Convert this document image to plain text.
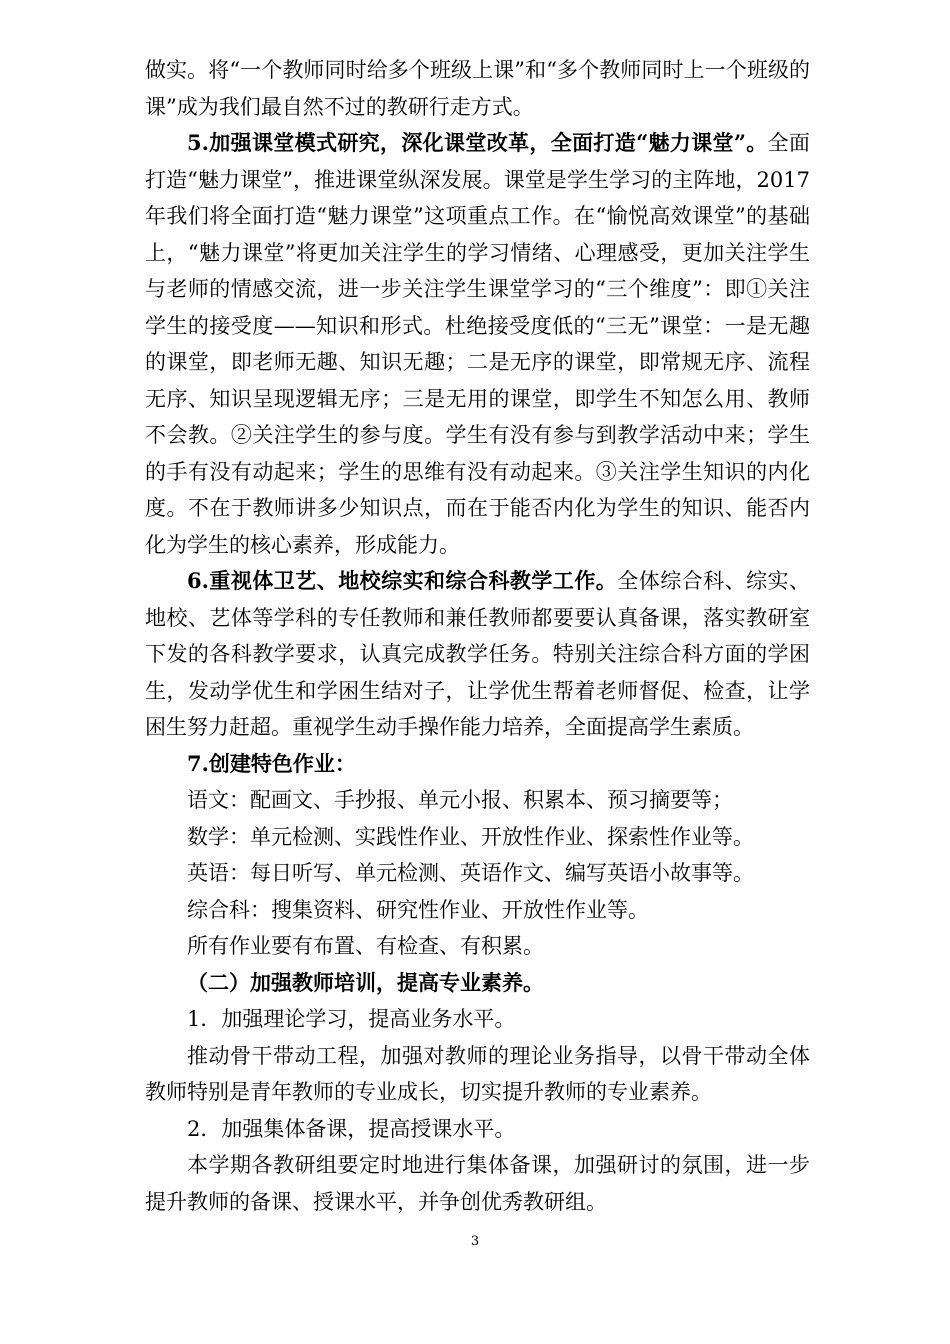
做实。将“一个教师同时给多个班级上课”和“多个教师同时上一个班级的课”成为我们最自然不过的教研行走方式。

5.加强课堂模式研究，深化课堂改革，全面打造“魅力课堂”。全面打造“魅力课堂”，推进课堂纵深发展。课堂是学生学习的主阵地，2017年我们将全面打造“魅力课堂”这项重点工作。在“愉悦高效课堂”的基础上，“魅力课堂”将更加关注学生的学习情绪、心理感受，更加关注学生与老师的情感交流，进一步关注学生课堂学习的“三个维度”：即①关注学生的接受度——知识和形式。杜绝接受度低的“三无”课堂：一是无趣的课堂，即老师无趣、知识无趣；二是无序的课堂，即常规无序、流程无序、知识呈现逻辑无序；三是无用的课堂，即学生不知怎么用、教师不会教。②关注学生的参与度。学生有没有参与到教学活动中来；学生的手有没有动起来；学生的思维有没有动起来。③关注学生知识的内化度。不在于教师讲多少知识点，而在于能否内化为学生的知识、能否内化为学生的核心素养，形成能力。

6.重视体卫艺、地校综实和综合科教学工作。全体综合科、综实、地校、艺体等学科的专任教师和兼任教师都要要认真备课，落实教研室下发的各科教学要求，认真完成教学任务。特别关注综合科方面的学困生，发动学优生和学困生结对子，让学优生帮着老师督促、检查，让学困生努力赶超。重视学生动手操作能力培养，全面提高学生素质。

7.创建特色作业：

语文：配画文、手抄报、单元小报、积累本、预习摘要等；

数学：单元检测、实践性作业、开放性作业、探索性作业等。

英语：每日听写、单元检测、英语作文、编写英语小故事等。

综合科：搜集资料、研究性作业、开放性作业等。

所有作业要有布置、有检查、有积累。

（二）加强教师培训，提高专业素养。

1．加强理论学习，提高业务水平。

推动骨干带动工程，加强对教师的理论业务指导，以骨干带动全体教师特别是青年教师的专业成长，切实提升教师的专业素养。

2．加强集体备课，提高授课水平。

本学期各教研组要定时地进行集体备课，加强研讨的氛围，进一步提升教师的备课、授课水平，并争创优秀教研组。

3
